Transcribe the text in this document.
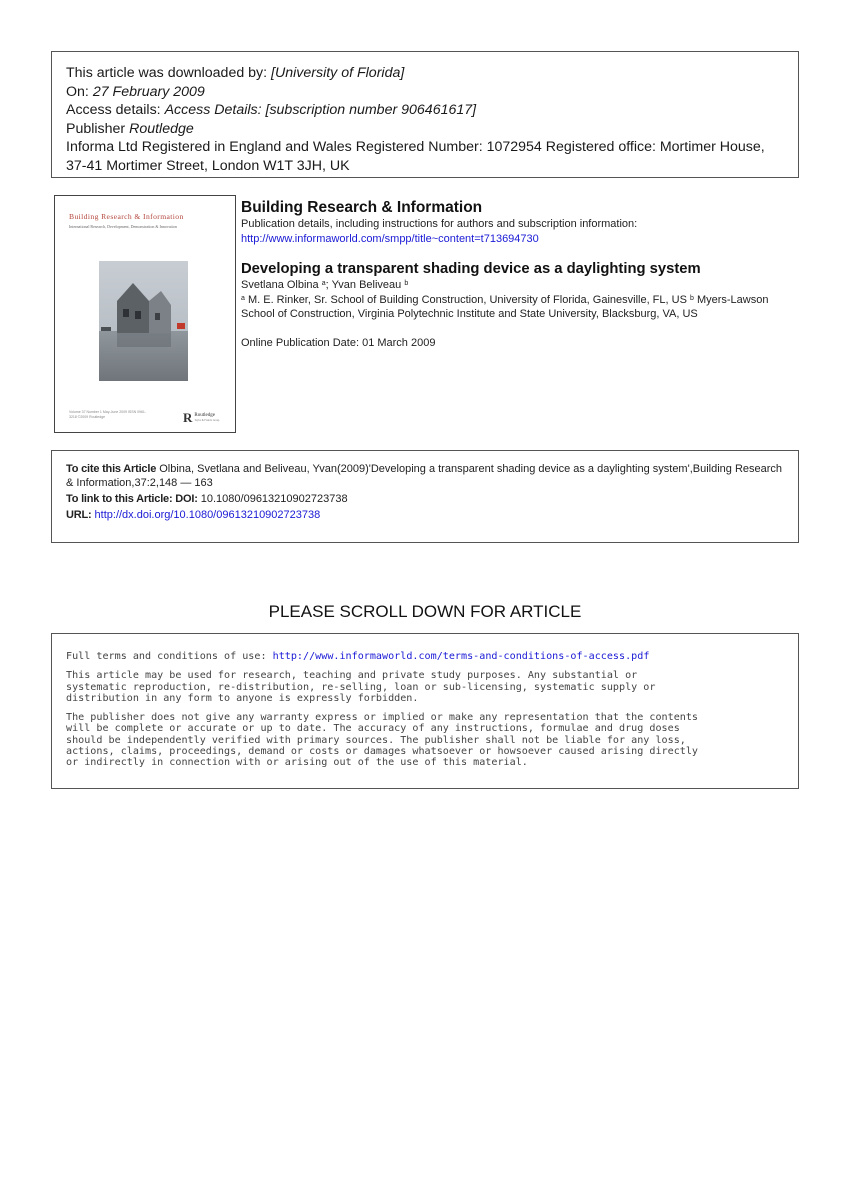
This article was downloaded by: [University of Florida]
On: 27 February 2009
Access details: Access Details: [subscription number 906461617]
Publisher Routledge
Informa Ltd Registered in England and Wales Registered Number: 1072954 Registered office: Mortimer House, 37-41 Mortimer Street, London W1T 3JH, UK
Building Research & Information
International Research, Development, Demonstration & Innovation
Volume 37 Number 1 May-June 2009 ISSN 0961-3218 ©2009 Routledge	R Routledge
Taylor & Francis Group
Building Research & Information
Publication details, including instructions for authors and subscription information:
http://www.informaworld.com/smpp/title~content=t713694730
Developing a transparent shading device as a daylighting system
Svetlana Olbina $^a$; Yvan Beliveau $^b$
$^a$ M. E. Rinker, Sr. School of Building Construction, University of Florida, Gainesville, FL, US $^b$ Myers-Lawson School of Construction, Virginia Polytechnic Institute and State University, Blacksburg, VA, US
Online Publication Date: 01 March 2009
To cite this Article Olbina, Svetlana and Beliveau, Yvan(2009)'Developing a transparent shading device as a daylighting system',Building Research & Information,37:2,148 — 163
To link to this Article: DOI: 10.1080/09613210902723738
URL: http://dx.doi.org/10.1080/09613210902723738
PLEASE SCROLL DOWN FOR ARTICLE

Full terms and conditions of use: http://www.informaworld.com/terms-and-conditions-of-access.pdf

This article may be used for research, teaching and private study purposes. Any substantial or
systematic reproduction, re-distribution, re-selling, loan or sub-licensing, systematic supply or
distribution in any form to anyone is expressly forbidden.

The publisher does not give any warranty express or implied or make any representation that the contents
will be complete or accurate or up to date. The accuracy of any instructions, formulae and drug doses
should be independently verified with primary sources. The publisher shall not be liable for any loss,
actions, claims, proceedings, demand or costs or damages whatsoever or howsoever caused arising directly
or indirectly in connection with or arising out of the use of this material.
